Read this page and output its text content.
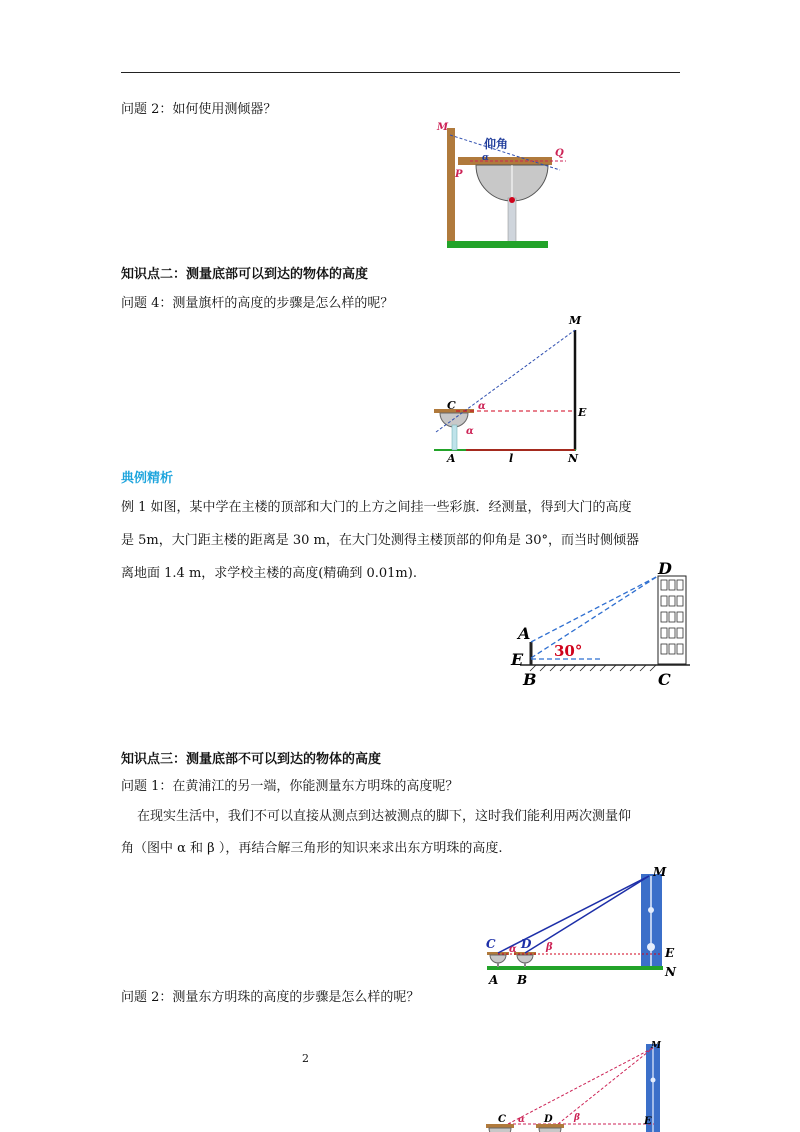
问题 2：如何使用测倾器？
M
P
Q
仰角
α
知识点二：测量底部可以到达的物体的高度
问题 4：测量旗杆的高度的步骤是怎么样的呢？
M
C
E
A	l	N
α
α
典例精析
例 1 如图，某中学在主楼的顶部和大门的上方之间挂一些彩旗．经测量，得到大门的高度
是 5m，大门距主楼的距离是 30 m，在大门处测得主楼顶部的仰角是 30°，而当时侧倾器
离地面 1.4 m，求学校主楼的高度(精确到 0.01m).	D
A
E
B	C
30°
知识点三：测量底部不可以到达的物体的高度
问题 1：在黄浦江的另一端，你能测量东方明珠的高度呢？
在现实生活中，我们不可以直接从测点到达被测点的脚下，这时我们能利用两次测量仰
角（图中 α 和 β ），再结合解三角形的知识来求出东方明珠的高度.
M
C D
E
N
A B
α	β
问题 2：测量东方明珠的高度的步骤是怎么样的呢？
2
M
C	D	E
α	β
